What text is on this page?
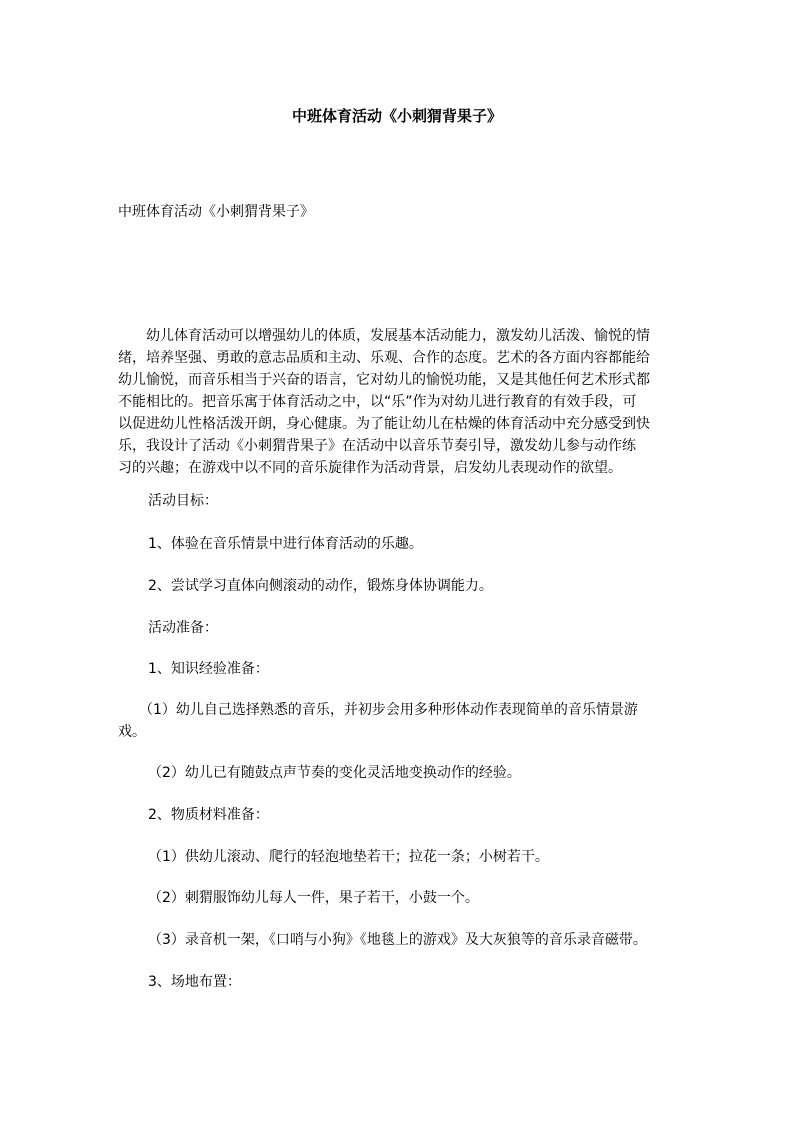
中班体育活动《小刺猬背果子》
中班体育活动《小刺猬背果子》
　　幼儿体育活动可以增强幼儿的体质，发展基本活动能力，激发幼儿活泼、愉悦的情
绪，培养坚强、勇敢的意志品质和主动、乐观、合作的态度。艺术的各方面内容都能给
幼儿愉悦，而音乐相当于兴奋的语言，它对幼儿的愉悦功能，又是其他任何艺术形式都
不能相比的。把音乐寓于体育活动之中，以“乐”作为对幼儿进行教育的有效手段，可
以促进幼儿性格活泼开朗，身心健康。为了能让幼儿在枯燥的体育活动中充分感受到快
乐，我设计了活动《小刺猬背果子》在活动中以音乐节奏引导，激发幼儿参与动作练
习的兴趣；在游戏中以不同的音乐旋律作为活动背景，启发幼儿表现动作的欲望。
活动目标：
1、体验在音乐情景中进行体育活动的乐趣。
2、尝试学习直体向侧滚动的动作，锻炼身体协调能力。
活动准备：
1、知识经验准备：
　　（1）幼儿自己选择熟悉的音乐，并初步会用多种形体动作表现简单的音乐情景游
戏。
（2）幼儿已有随鼓点声节奏的变化灵活地变换动作的经验。
2、物质材料准备：
（1）供幼儿滚动、爬行的轻泡地垫若干；拉花一条；小树若干。
（2）刺猬服饰幼儿每人一件，果子若干，小鼓一个。
（3）录音机一架，《口哨与小狗》《地毯上的游戏》及大灰狼等的音乐录音磁带。
3、场地布置：
